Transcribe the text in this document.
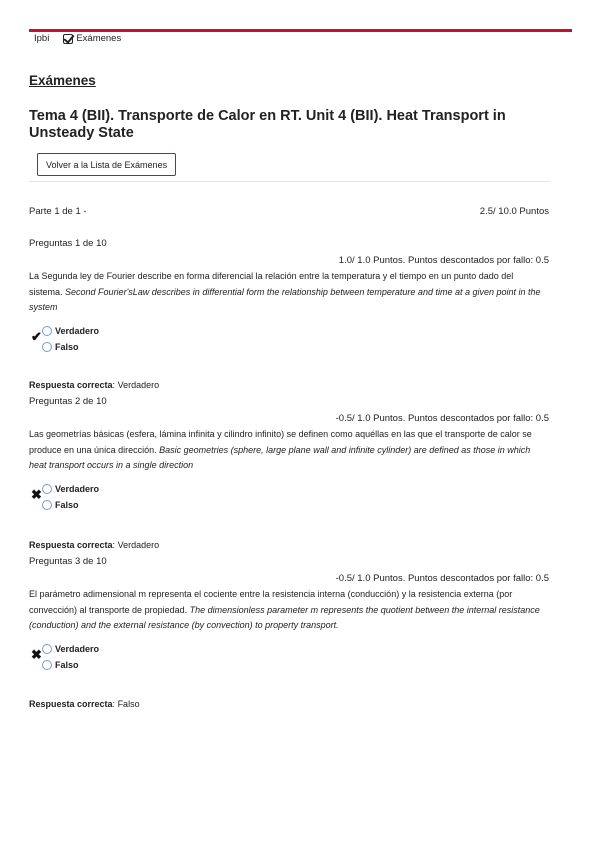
Ipbi	Exámenes
Exámenes
Tema 4 (BII). Transporte de Calor en RT. Unit 4 (BII). Heat Transport in Unsteady State
Volver a la Lista de Exámenes
Parte 1 de 1 -	2.5/ 10.0 Puntos
Preguntas 1 de 10
1.0/ 1.0 Puntos. Puntos descontados por fallo: 0.5
La Segunda ley de Fourier describe en forma diferencial la relación entre la temperatura y el tiempo en un punto dado del sistema. Second Fourier'sLaw describes in differential form the relationship between temperature and time at a given point in the system
✔ Verdadero
Falso
Respuesta correcta: Verdadero
Preguntas 2 de 10
-0.5/ 1.0 Puntos. Puntos descontados por fallo: 0.5
Las geometrías básicas (esfera, lámina infinita y cilindro infinito) se definen como aquéllas en las que el transporte de calor se produce en una única dirección. Basic geometries (sphere, large plane wall and infinite cylinder) are defined as those in which heat transport occurs in a single direction
✖ Verdadero
Falso
Respuesta correcta: Verdadero
Preguntas 3 de 10
-0.5/ 1.0 Puntos. Puntos descontados por fallo: 0.5
El parámetro adimensional m representa el cociente entre la resistencia interna (conducción) y la resistencia externa (por convección) al transporte de propiedad. The dimensionless parameter m represents the quotient between the internal resistance (conduction) and the external resistance (by convection) to property transport.
✖ Verdadero
Falso
Respuesta correcta: Falso
